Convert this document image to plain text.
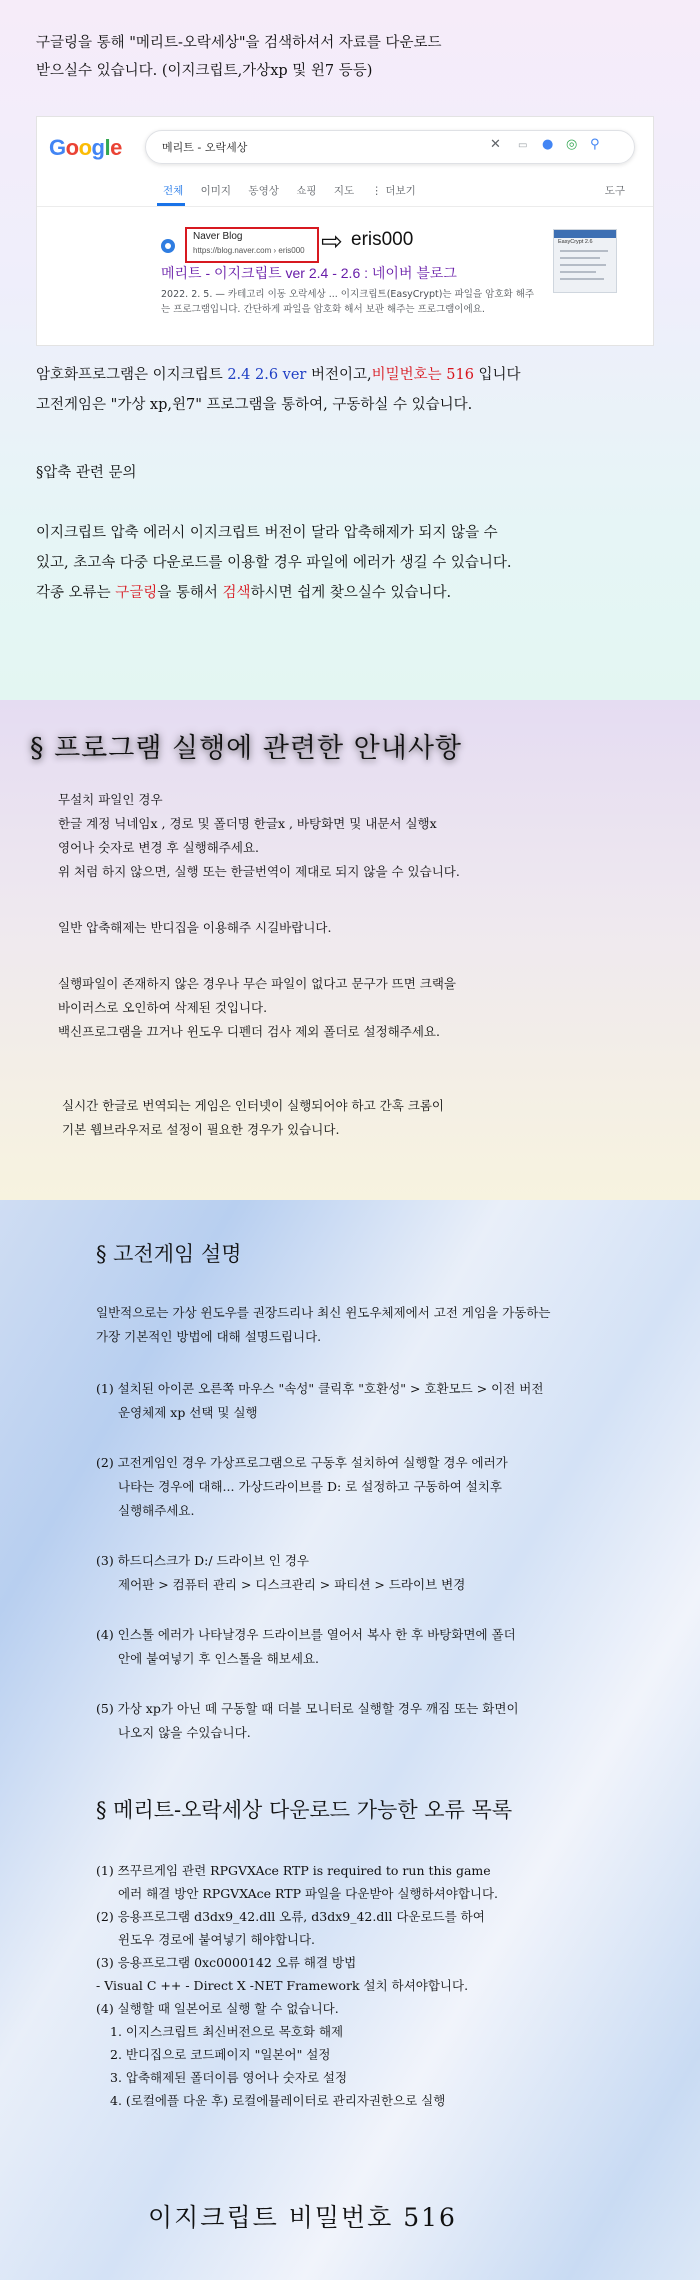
구글링을 통해 "메리트-오락세상"을 검색하셔서 자료를 다운로드

받으실수 있습니다. (이지크립트,가상xp 및 윈7 등등)

Google	메리트 - 오락세상	✕ ▭ ● ◎ ⚲
전체 이미지 동영상 쇼핑 지도 ⋮ 더보기	도구
Naver Blog
https://blog.naver.com › eris000 ⇨ eris000
메리트 - 이지크립트 ver 2.4 - 2.6 : 네이버 블로그
2022. 2. 5. — 카테고리 이동 오락세상 ... 이지크립트(EasyCrypt)는 파일을 암호화 해주
는 프로그램입니다. 간단하게 파일을 암호화 해서 보관 해주는 프로그램이에요.
EasyCrypt 2.6

암호화프로그램은 이지크립트 2.4 2.6 ver 버전이고,비밀번호는 516 입니다

고전게임은 "가상 xp,윈7" 프로그램을 통하여, 구동하실 수 있습니다.

§압축 관련 문의

이지크립트 압축 에러시 이지크립트 버전이 달라 압축해제가 되지 않을 수

있고, 초고속 다중 다운로드를 이용할 경우 파일에 에러가 생길 수 있습니다.

각종 오류는 구글링을 통해서 검색하시면 쉽게 찾으실수 있습니다.

§ 프로그램 실행에 관련한 안내사항

무설치 파일인 경우

한글 계정 닉네임x , 경로 및 폴더명 한글x , 바탕화면 및 내문서 실행x

영어나 숫자로 변경 후 실행해주세요.

위 처럼 하지 않으면, 실행 또는 한글번역이 제대로 되지 않을 수 있습니다.

일반 압축해제는 반디집을 이용해주 시길바랍니다.

실행파일이 존재하지 않은 경우나 무슨 파일이 없다고 문구가 뜨면 크랙을

바이러스로 오인하여 삭제된 것입니다.

백신프로그램을 끄거나 윈도우 디펜더 검사 제외 폴더로 설정해주세요.

실시간 한글로 번역되는 게임은 인터넷이 실행되어야 하고 간혹 크롬이

기본 웹브라우저로 설정이 필요한 경우가 있습니다.

§ 고전게임 설명

일반적으로는 가상 윈도우를 권장드리나 최신 윈도우체제에서 고전 게임을 가동하는

가장 기본적인 방법에 대해 설명드립니다.

(1) 설치된 아이콘 오른쪽 마우스 "속성" 클릭후 "호환성" > 호환모드 > 이전 버전

운영체제 xp 선택 및 실행

(2) 고전게임인 경우 가상프로그램으로 구동후 설치하여 실행할 경우 에러가

나타는 경우에 대해... 가상드라이브를 D: 로 설정하고 구동하여 설치후

실행해주세요.

(3) 하드디스크가 D:/ 드라이브 인 경우

제어판 > 컴퓨터 관리 > 디스크관리 > 파티션 > 드라이브 변경

(4) 인스톨 에러가 나타날경우 드라이브를 열어서 복사 한 후 바탕화면에 폴더

안에 붙여넣기 후 인스톨을 해보세요.

(5) 가상 xp가 아닌 떼 구동할 때 더블 모니터로 실행할 경우 깨짐 또는 화면이

나오지 않을 수있습니다.

§ 메리트-오락세상 다운로드 가능한 오류 목록

(1) 쯔꾸르게임 관련 RPGVXAce RTP is required to run this game

에러 해결 방안 RPGVXAce RTP 파일을 다운받아 실행하셔야합니다.

(2) 응용프로그램 d3dx9_42.dll 오류, d3dx9_42.dll 다운로드를 하여

윈도우 경로에 붙여넣기 해야합니다.

(3) 응용프로그램 0xc0000142 오류 해결 방법

- Visual C ++ - Direct X -NET Framework 설치 하셔야합니다.

(4) 실행할 때 일본어로 실행 할 수 없습니다.

1. 이지스크립트 최신버전으로 목호화 해제

2. 반디집으로 코드페이지 "일본어" 설정

3. 압축해제된 폴더이름 영어나 숫자로 설정

4. (로컬에플 다운 후) 로컬에뮬레이터로 관리자권한으로 실행

이지크립트 비밀번호 516
